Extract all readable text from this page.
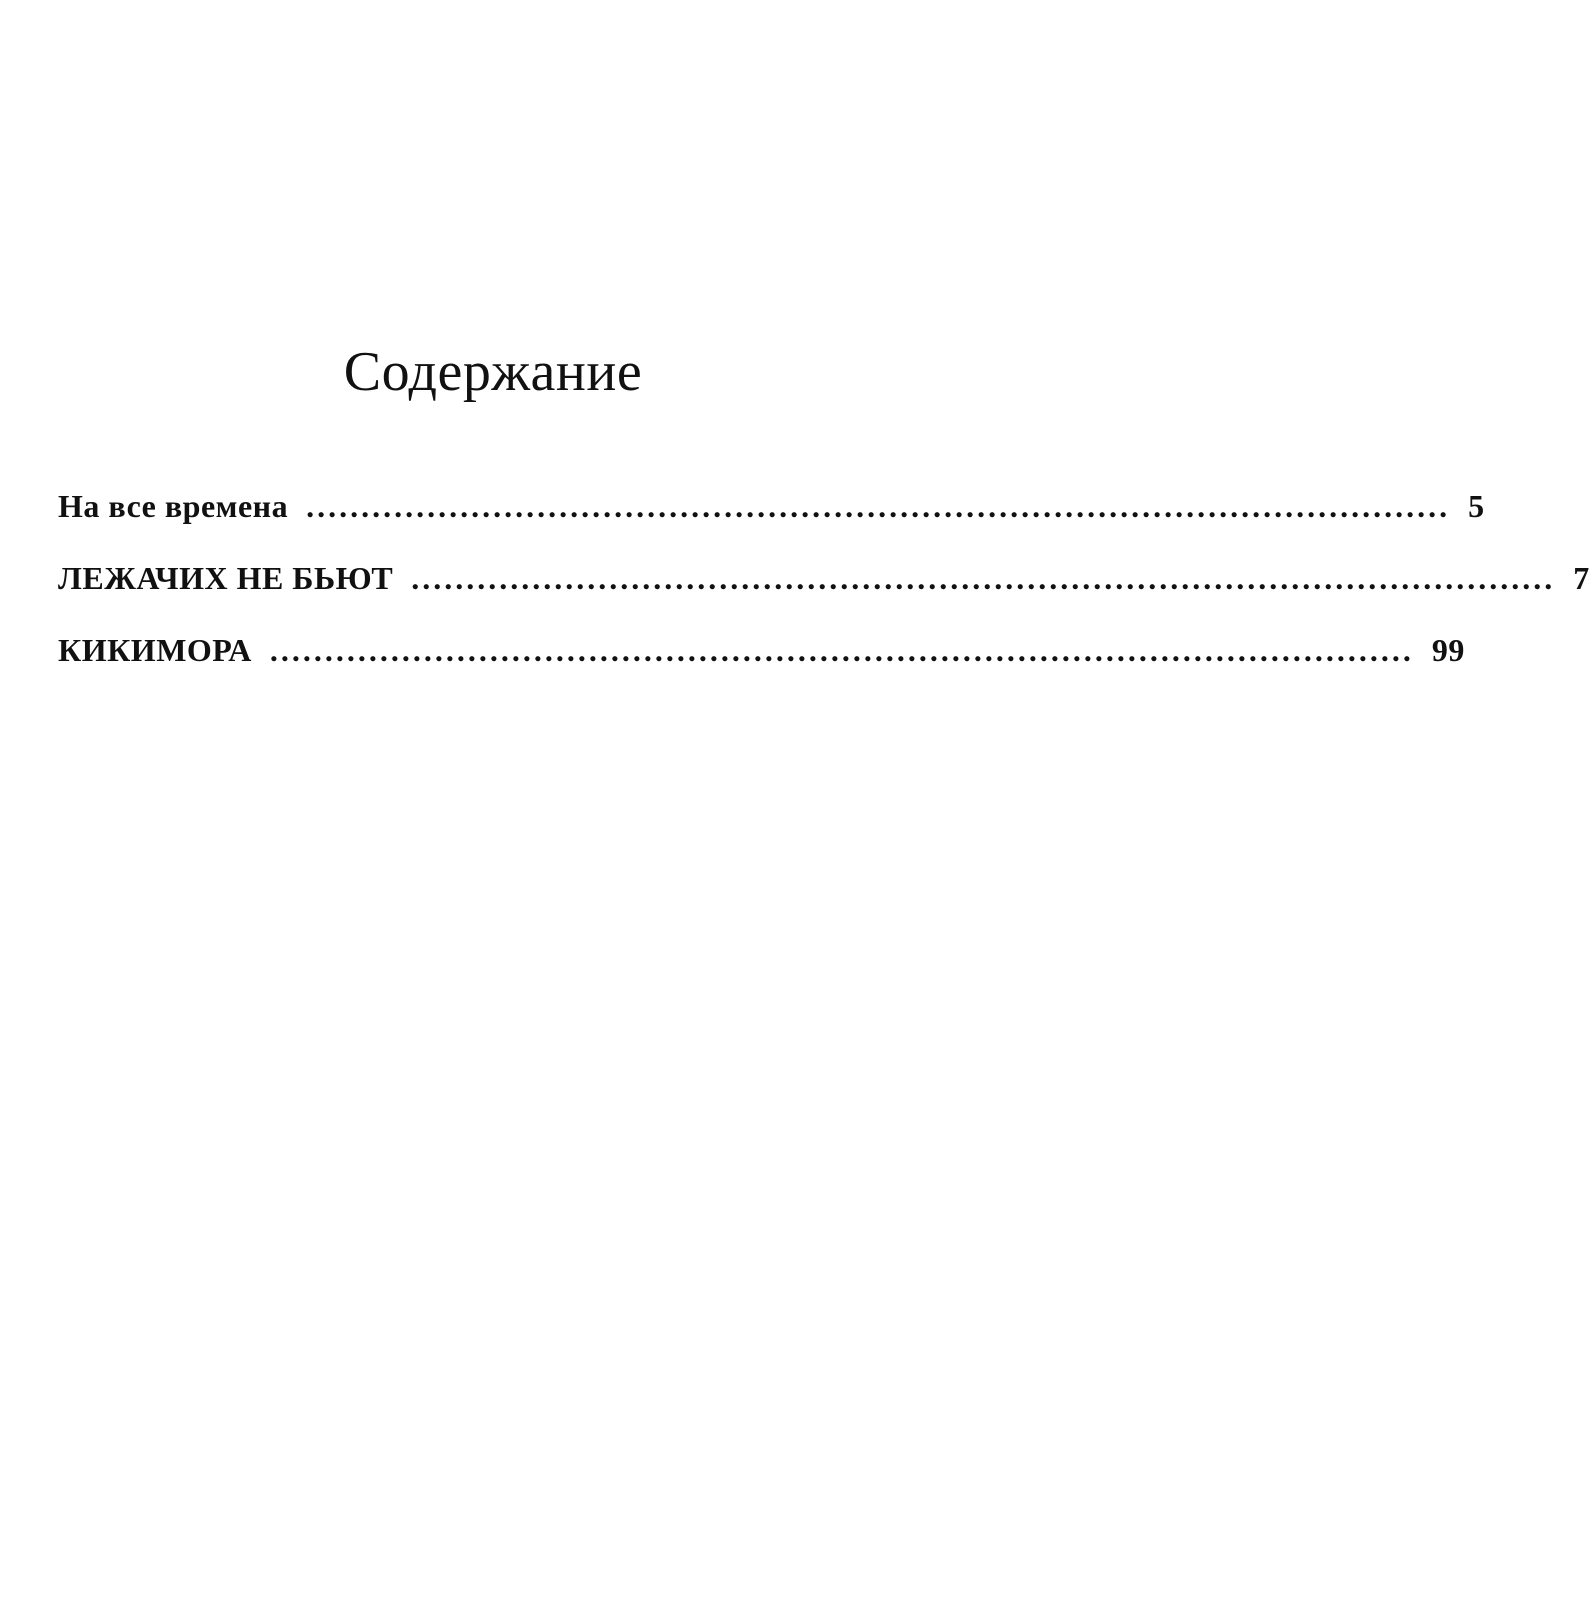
Содержание
На все времена ........................................................................................................ 5
ЛЕЖАЧИХ НЕ БЬЮТ ........................................................................................................ 7
КИКИМОРА ........................................................................................................ 99
